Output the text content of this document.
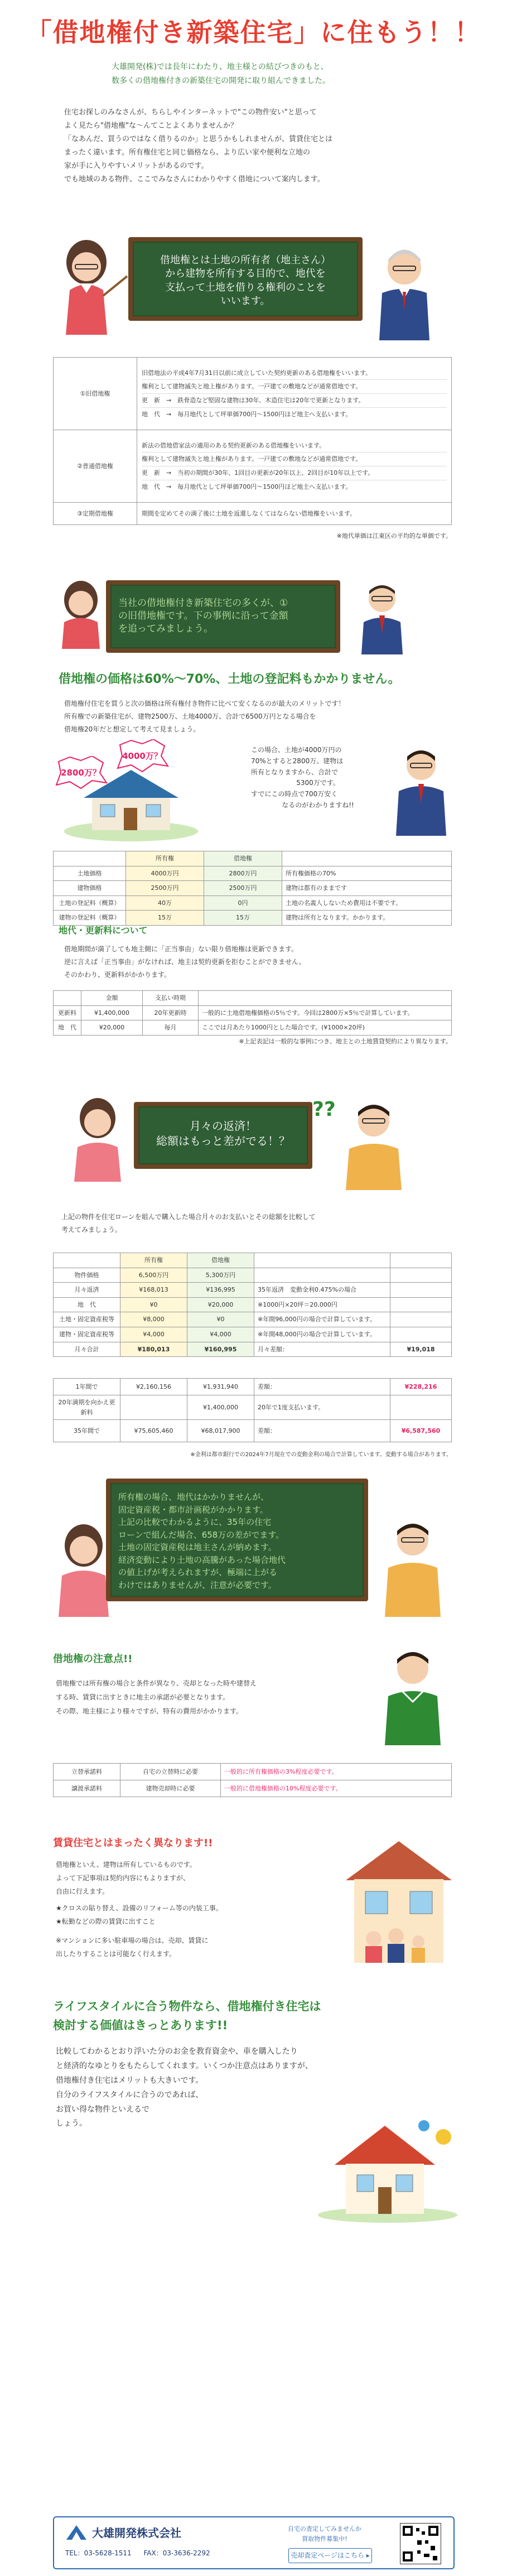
「借地権付き新築住宅」に住もう！！
大雄開発(株)では長年にわたり、地主様との結びつきのもと、
数多くの借地権付きの新築住宅の開発に取り組んできました。
住宅お探しのみなさんが、ちらしやインターネットで"この物件安い"と思って
よく見たら"借地権"な〜んてことよくありませんか？
「なあんだ、買うのではなく借りるのか」と思うかもしれませんが、賃貸住宅とは
まったく違います。所有権住宅と同じ価格なら、より広い家や便利な立地の
家が手に入りやすいメリットがあるのです。
でも地域のある物件、ここでみなさんにわかりやすく借地について案内します。
借地権とは土地の所有者（地主さん）
から建物を所有する目的で、地代を
支払って土地を借りる権利のことを
いいます。
①旧借地権	旧借地法の平成4年7月31日以前に成立していた契約更新のある借地権をいいます。
権利として建物滅失と地上権があります。一戸建ての敷地などが通常借地です。
更　新　→　鉄骨造など堅固な建物は30年、木造住宅は20年で更新となります。
地　代　→　毎月地代として坪単価700円〜1500円ほど地主へ支払います。

②普通借地権	新法の借地借家法の適用のある契約更新のある借地権をいいます。
権利として建物滅失と地上権があります。一戸建ての敷地などが通常借地です。
更　新　→　当初の期間が30年、1回目の更新が20年以上、2回目が10年以上です。
地　代　→　毎月地代として坪単価700円〜1500円ほど地主へ支払います。

③定期借地権	期間を定めてその満了後に土地を返還しなくてはならない借地権をいいます。
※地代単価は江東区の平均的な単価です。
当社の借地権付き新築住宅の多くが、①
の旧借地権です。下の事例に沿って金額
を追ってみましょう。
借地権の価格は60%〜70%、土地の登記料もかかりません。
借地権付住宅を買うと次の価格は所有権付き物件に比べて安くなるのが最大のメリットです！
所有権での新築住宅が、建物2500万、土地4000万、合計で6500万円となる場合を
借地権20年だと想定して考えて見ましょう。
2800万？
4000万？
この場合、土地が4000万円の
70%とすると2800万。建物は
所有となりますから、合計で
5300万です。
すでにこの時点で700万安く
なるのがわかりますね!!
	所有権	借地権	
土地価格	4000万円	2800万円	所有権価格の70%
建物価格	2500万円	2500万円	建物は都有のままです
土地の登記料（概算）	40万	0円	土地の名義人しないため費用は不要です。
建物の登記料（概算）	15万	15万	建物は所有となります。かかります。
地代・更新料について
借地期間が満了しても地主側に「正当事由」ない限り借地権は更新できます。
逆に言えば「正当事由」がなければ、地主は契約更新を拒むことができません。
そのかわり、更新料がかかります。
	金額	支払い時期	
更新料	¥1,400,000	20年更新時	一般的に土地借地権価格の5％です。今回は2800万×5％で計算しています。
地　代	¥20,000	毎月	ここでは月あたり1000円とした場合です。(¥1000×20坪)
※上記表記は一般的な事例につき、地主との土地賃貸契約により異なります。
月々の返済！
総額はもっと差がでる！？
??
上記の物件を住宅ローンを組んで購入した場合月々のお支払いとその総額を比較して
考えてみましょう。
	所有権	借地権		
物件価格	6,500万円	5,300万円		
月々返済	¥168,013	¥136,995	35年返済　変動金利0.475%の場合	
地　代	¥0	¥20,000	※1000円×20坪＝20,000円	
土地・固定資産税等	¥8,000	¥0	※年間96,000円の場合で計算しています。	
建物・固定資産税等	¥4,000	¥4,000	※年間48,000円の場合で計算しています。	
月々合計	¥180,013	¥160,995	月々差額：	¥19,018
1年間で	¥2,160,156	¥1,931,940	差額：	¥228,216
20年満期を向かえ更新料		¥1,400,000	20年で1度支払います。	
35年間で	¥75,605,460	¥68,017,900	差額：	¥6,587,560
※金利は都市銀行での2024年7月現在での変動金利の場合で計算しています。変動する場合があります。
所有権の場合、地代はかかりませんが、
固定資産税・都市計画税がかかります。
上記の比較でわかるように、35年の住宅
ローンで組んだ場合、658万の差がでます。
土地の固定資産税は地主さんが納めます。
経済変動により土地の高騰があった場合地代
の値上げが考えられますが、極端に上がる
わけではありませんが、注意が必要です。
借地権の注意点!!
借地権では所有権の場合と条件が異なり、売却となった時や建替え
する時、賃貸に出すときに地主の承諾が必要となります。
その際、地主様により様々ですが、特有の費用がかかります。
立替承諾料	自宅の立替時に必要	一般的に所有権価格の3%程度必要です。
譲渡承諾料	建物売却時に必要	一般的に借地権価格の10%程度必要です。
賃貸住宅とはまったく異なります!!
借地権といえ、建物は所有しているものです。
よって下記事項は契約内容にもよりますが、
自由に行えます。
★クロスの貼り替え、設備のリフォーム等の内装工事。
★転勤などの際の賃貸に出すこと
※マンションに多い駐車場の場合は、売却、賃貸に
出したりすることは可能なく行えます。
ライフスタイルに合う物件なら、借地権付き住宅は
検討する価値はきっとあります!!
比較してわかるとおり浮いた分のお金を教育資金や、車を購入したり
と経済的なゆとりをもたらしてくれます。いくつか注意点はありますが、
借地権付き住宅はメリットも大きいです。
自分のライフスタイルに合うのであれば、
お買い得な物件といえるで
しょう。
大雄開発株式会社
TEL：03-5628-1511 FAX：03-3636-2292
自宅の査定してみませんか
買取物件募集中!
売却査定ページはこちら ▸
